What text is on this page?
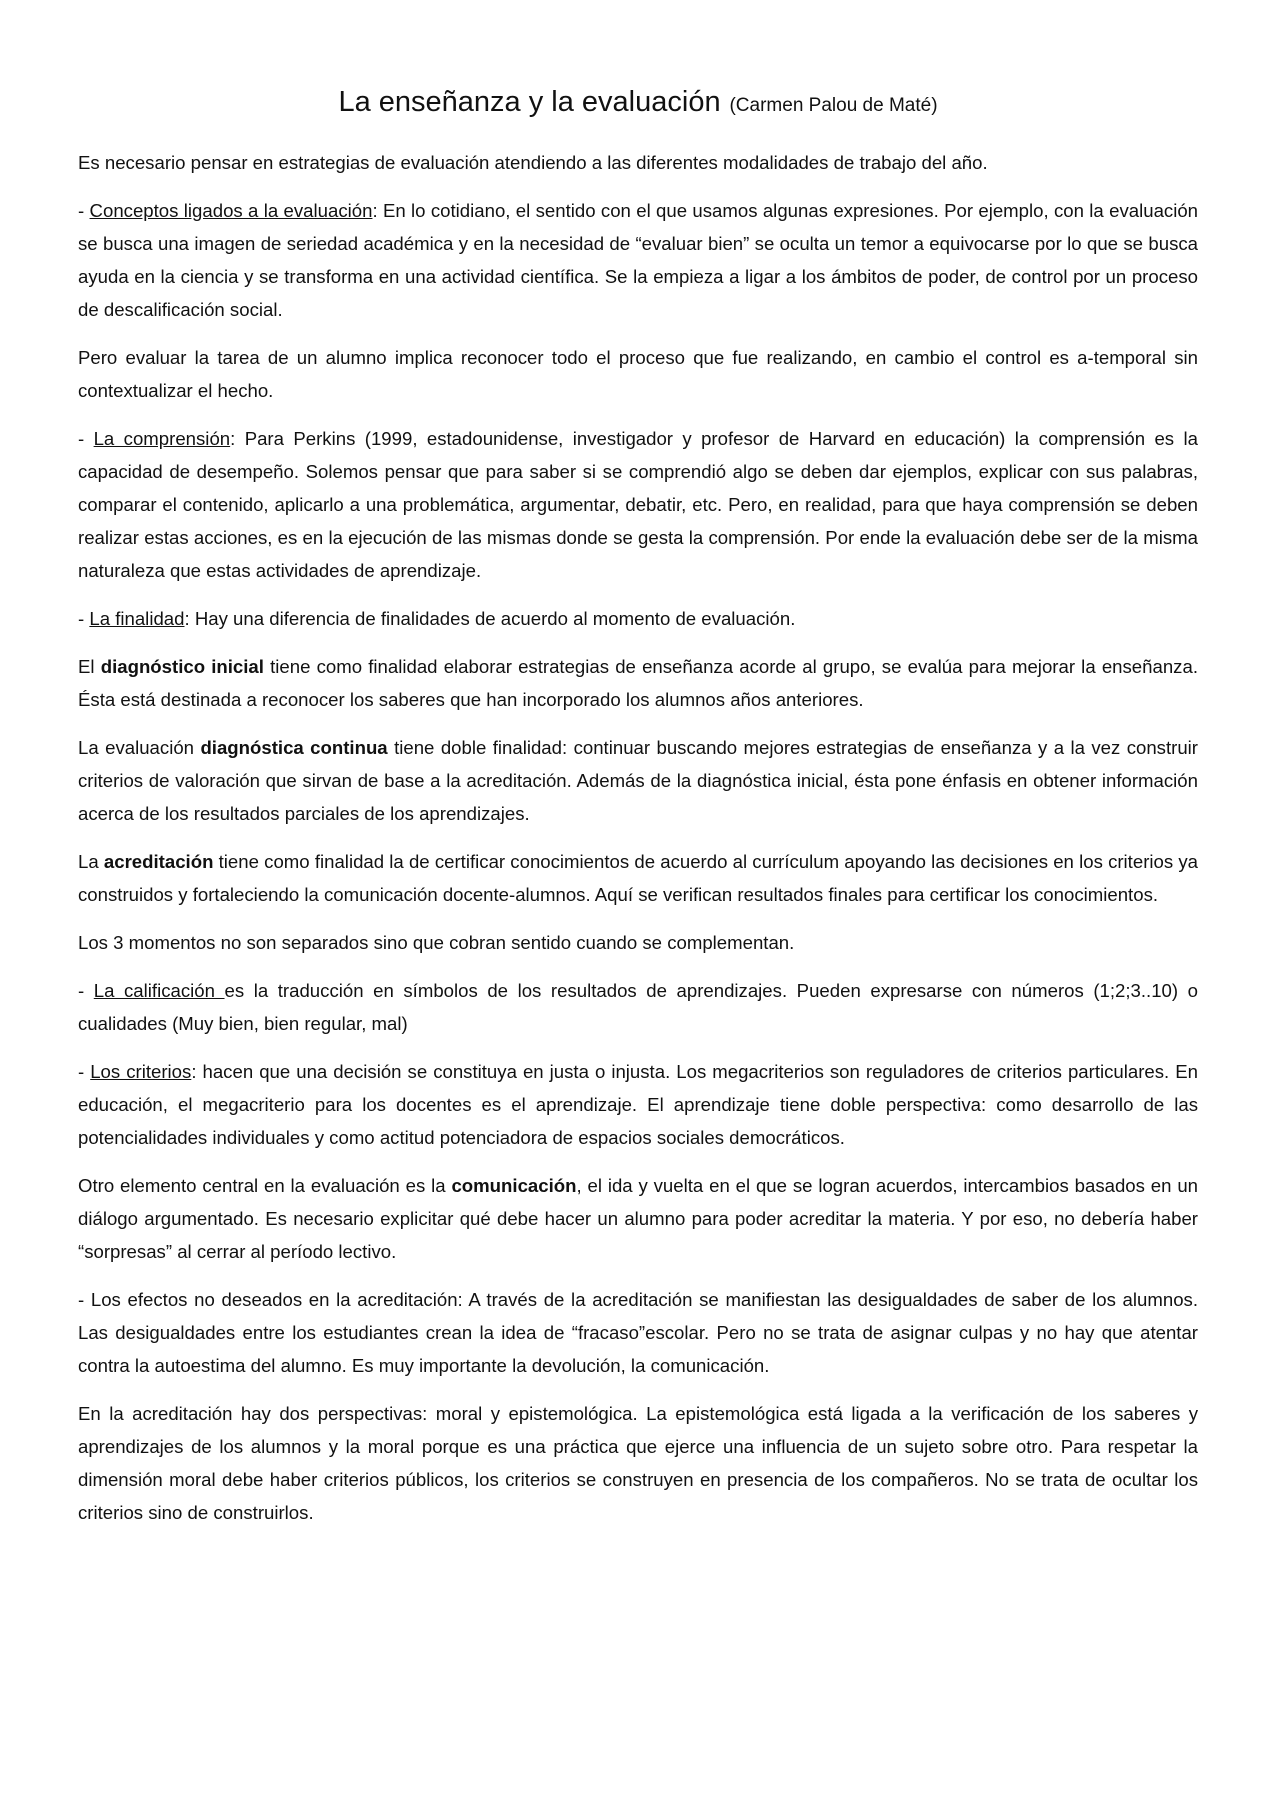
La enseñanza y la evaluación (Carmen Palou de Maté)

Es necesario pensar en estrategias de evaluación atendiendo a las diferentes modalidades de trabajo del año.

- Conceptos ligados a la evaluación: En lo cotidiano, el sentido con el que usamos algunas expresiones. Por ejemplo, con la evaluación se busca una imagen de seriedad académica y en la necesidad de “evaluar bien” se oculta un temor a equivocarse por lo que se busca ayuda en la ciencia y se transforma en una actividad científica. Se la empieza a ligar a los ámbitos de poder, de control por un proceso de descalificación social.

Pero evaluar la tarea de un alumno implica reconocer todo el proceso que fue realizando, en cambio el control es a-temporal sin contextualizar el hecho.

- La comprensión: Para Perkins (1999, estadounidense, investigador y profesor de Harvard en educación) la comprensión es la capacidad de desempeño. Solemos pensar que para saber si se comprendió algo se deben dar ejemplos, explicar con sus palabras, comparar el contenido, aplicarlo a una problemática, argumentar, debatir, etc. Pero, en realidad, para que haya comprensión se deben realizar estas acciones, es en la ejecución de las mismas donde se gesta la comprensión. Por ende la evaluación debe ser de la misma naturaleza que estas actividades de aprendizaje.

- La finalidad: Hay una diferencia de finalidades de acuerdo al momento de evaluación.

El diagnóstico inicial tiene como finalidad elaborar estrategias de enseñanza acorde al grupo, se evalúa para mejorar la enseñanza. Ésta está destinada a reconocer los saberes que han incorporado los alumnos años anteriores.

La evaluación diagnóstica continua tiene doble finalidad: continuar buscando mejores estrategias de enseñanza y a la vez construir criterios de valoración que sirvan de base a la acreditación. Además de la diagnóstica inicial, ésta pone énfasis en obtener información acerca de los resultados parciales de los aprendizajes.

La acreditación tiene como finalidad la de certificar conocimientos de acuerdo al currículum apoyando las decisiones en los criterios ya construidos y fortaleciendo la comunicación docente-alumnos. Aquí se verifican resultados finales para certificar los conocimientos.

Los 3 momentos no son separados sino que cobran sentido cuando se complementan.

- La calificación es la traducción en símbolos de los resultados de aprendizajes. Pueden expresarse con números (1;2;3..10) o cualidades (Muy bien, bien regular, mal)

- Los criterios: hacen que una decisión se constituya en justa o injusta. Los megacriterios son reguladores de criterios particulares. En educación, el megacriterio para los docentes es el aprendizaje. El aprendizaje tiene doble perspectiva: como desarrollo de las potencialidades individuales y como actitud potenciadora de espacios sociales democráticos.

Otro elemento central en la evaluación es la comunicación, el ida y vuelta en el que se logran acuerdos, intercambios basados en un diálogo argumentado. Es necesario explicitar qué debe hacer un alumno para poder acreditar la materia. Y por eso, no debería haber “sorpresas” al cerrar al período lectivo.

- Los efectos no deseados en la acreditación: A través de la acreditación se manifiestan las desigualdades de saber de los alumnos. Las desigualdades entre los estudiantes crean la idea de “fracaso”escolar. Pero no se trata de asignar culpas y no hay que atentar contra la autoestima del alumno. Es muy importante la devolución, la comunicación.

En la acreditación hay dos perspectivas: moral y epistemológica. La epistemológica está ligada a la verificación de los saberes y aprendizajes de los alumnos y la moral porque es una práctica que ejerce una influencia de un sujeto sobre otro. Para respetar la dimensión moral debe haber criterios públicos, los criterios se construyen en presencia de los compañeros. No se trata de ocultar los criterios sino de construirlos.
